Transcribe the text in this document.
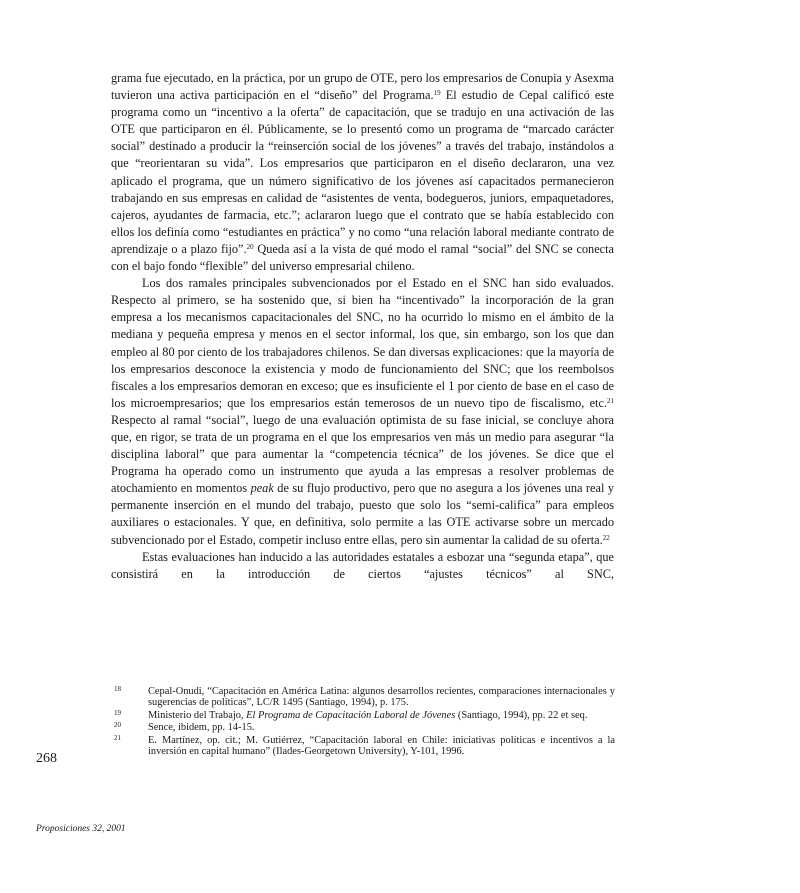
grama fue ejecutado, en la práctica, por un grupo de OTE, pero los empresarios de Conupia y Asexma tuvieron una activa participación en el “diseño” del Programa.$^{19}$ El estudio de Cepal calificó este programa como un “incentivo a la oferta” de capacitación, que se tradujo en una activación de las OTE que participaron en él. Públicamente, se lo presentó como un programa de “marcado carácter social” destinado a producir la “reinserción social de los jóvenes” a través del trabajo, instándolos a que “reorientaran su vida”. Los empresarios que participaron en el diseño declararon, una vez aplicado el programa, que un número significativo de los jóvenes así capacitados permanecieron trabajando en sus empresas en calidad de “asistentes de venta, bodegueros, juniors, empaquetadores, cajeros, ayudantes de farmacia, etc.”; aclararon luego que el contrato que se había establecido con ellos los definía como “estudiantes en práctica” y no como “una relación laboral mediante contrato de aprendizaje o a plazo fijo”.$^{20}$ Queda así a la vista de qué modo el ramal “social” del SNC se conecta con el bajo fondo “flexible” del universo empresarial chileno.

Los dos ramales principales subvencionados por el Estado en el SNC han sido evaluados. Respecto al primero, se ha sostenido que, si bien ha “incentivado” la incorporación de la gran empresa a los mecanismos capacitacionales del SNC, no ha ocurrido lo mismo en el ámbito de la mediana y pequeña empresa y menos en el sector informal, los que, sin embargo, son los que dan empleo al 80 por ciento de los trabajadores chilenos. Se dan diversas explicaciones: que la mayoría de los empresarios desconoce la existencia y modo de funcionamiento del SNC; que los reembolsos fiscales a los empresarios demoran en exceso; que es insuficiente el 1 por ciento de base en el caso de los microempresarios; que los empresarios están temerosos de un nuevo tipo de fiscalismo, etc.$^{21}$ Respecto al ramal “social”, luego de una evaluación optimista de su fase inicial, se concluye ahora que, en rigor, se trata de un programa en el que los empresarios ven más un medio para asegurar “la disciplina laboral” que para aumentar la “competencia técnica” de los jóvenes. Se dice que el Programa ha operado como un instrumento que ayuda a las empresas a resolver problemas de atochamiento en momentos peak de su flujo productivo, pero que no asegura a los jóvenes una real y permanente inserción en el mundo del trabajo, puesto que solo los “semi-califica” para empleos auxiliares o estacionales. Y que, en definitiva, solo permite a las OTE activarse sobre un mercado subvencionado por el Estado, competir incluso entre ellas, pero sin aumentar la calidad de su oferta.$^{22}$

Estas evaluaciones han inducido a las autoridades estatales a esbozar una “segunda etapa”, que consistirá en la introducción de ciertos “ajustes técnicos” al SNC,

18	Cepal-Onudi, “Capacitación en América Latina: algunos desarrollos recientes, comparaciones internacionales y sugerencias de políticas”, LC/R 1495 (Santiago, 1994), p. 175.
19	Ministerio del Trabajo, El Programa de Capacitación Laboral de Jóvenes (Santiago, 1994), pp. 22 et seq.
20	Sence, ibidem, pp. 14-15.
21	E. Martínez, op. cit.; M. Gutiérrez, “Capacitación laboral en Chile: iniciativas políticas e incentivos a la inversión en capital humano” (Ilades-Georgetown University), Y-101, 1996.
268
Proposiciones 32, 2001
